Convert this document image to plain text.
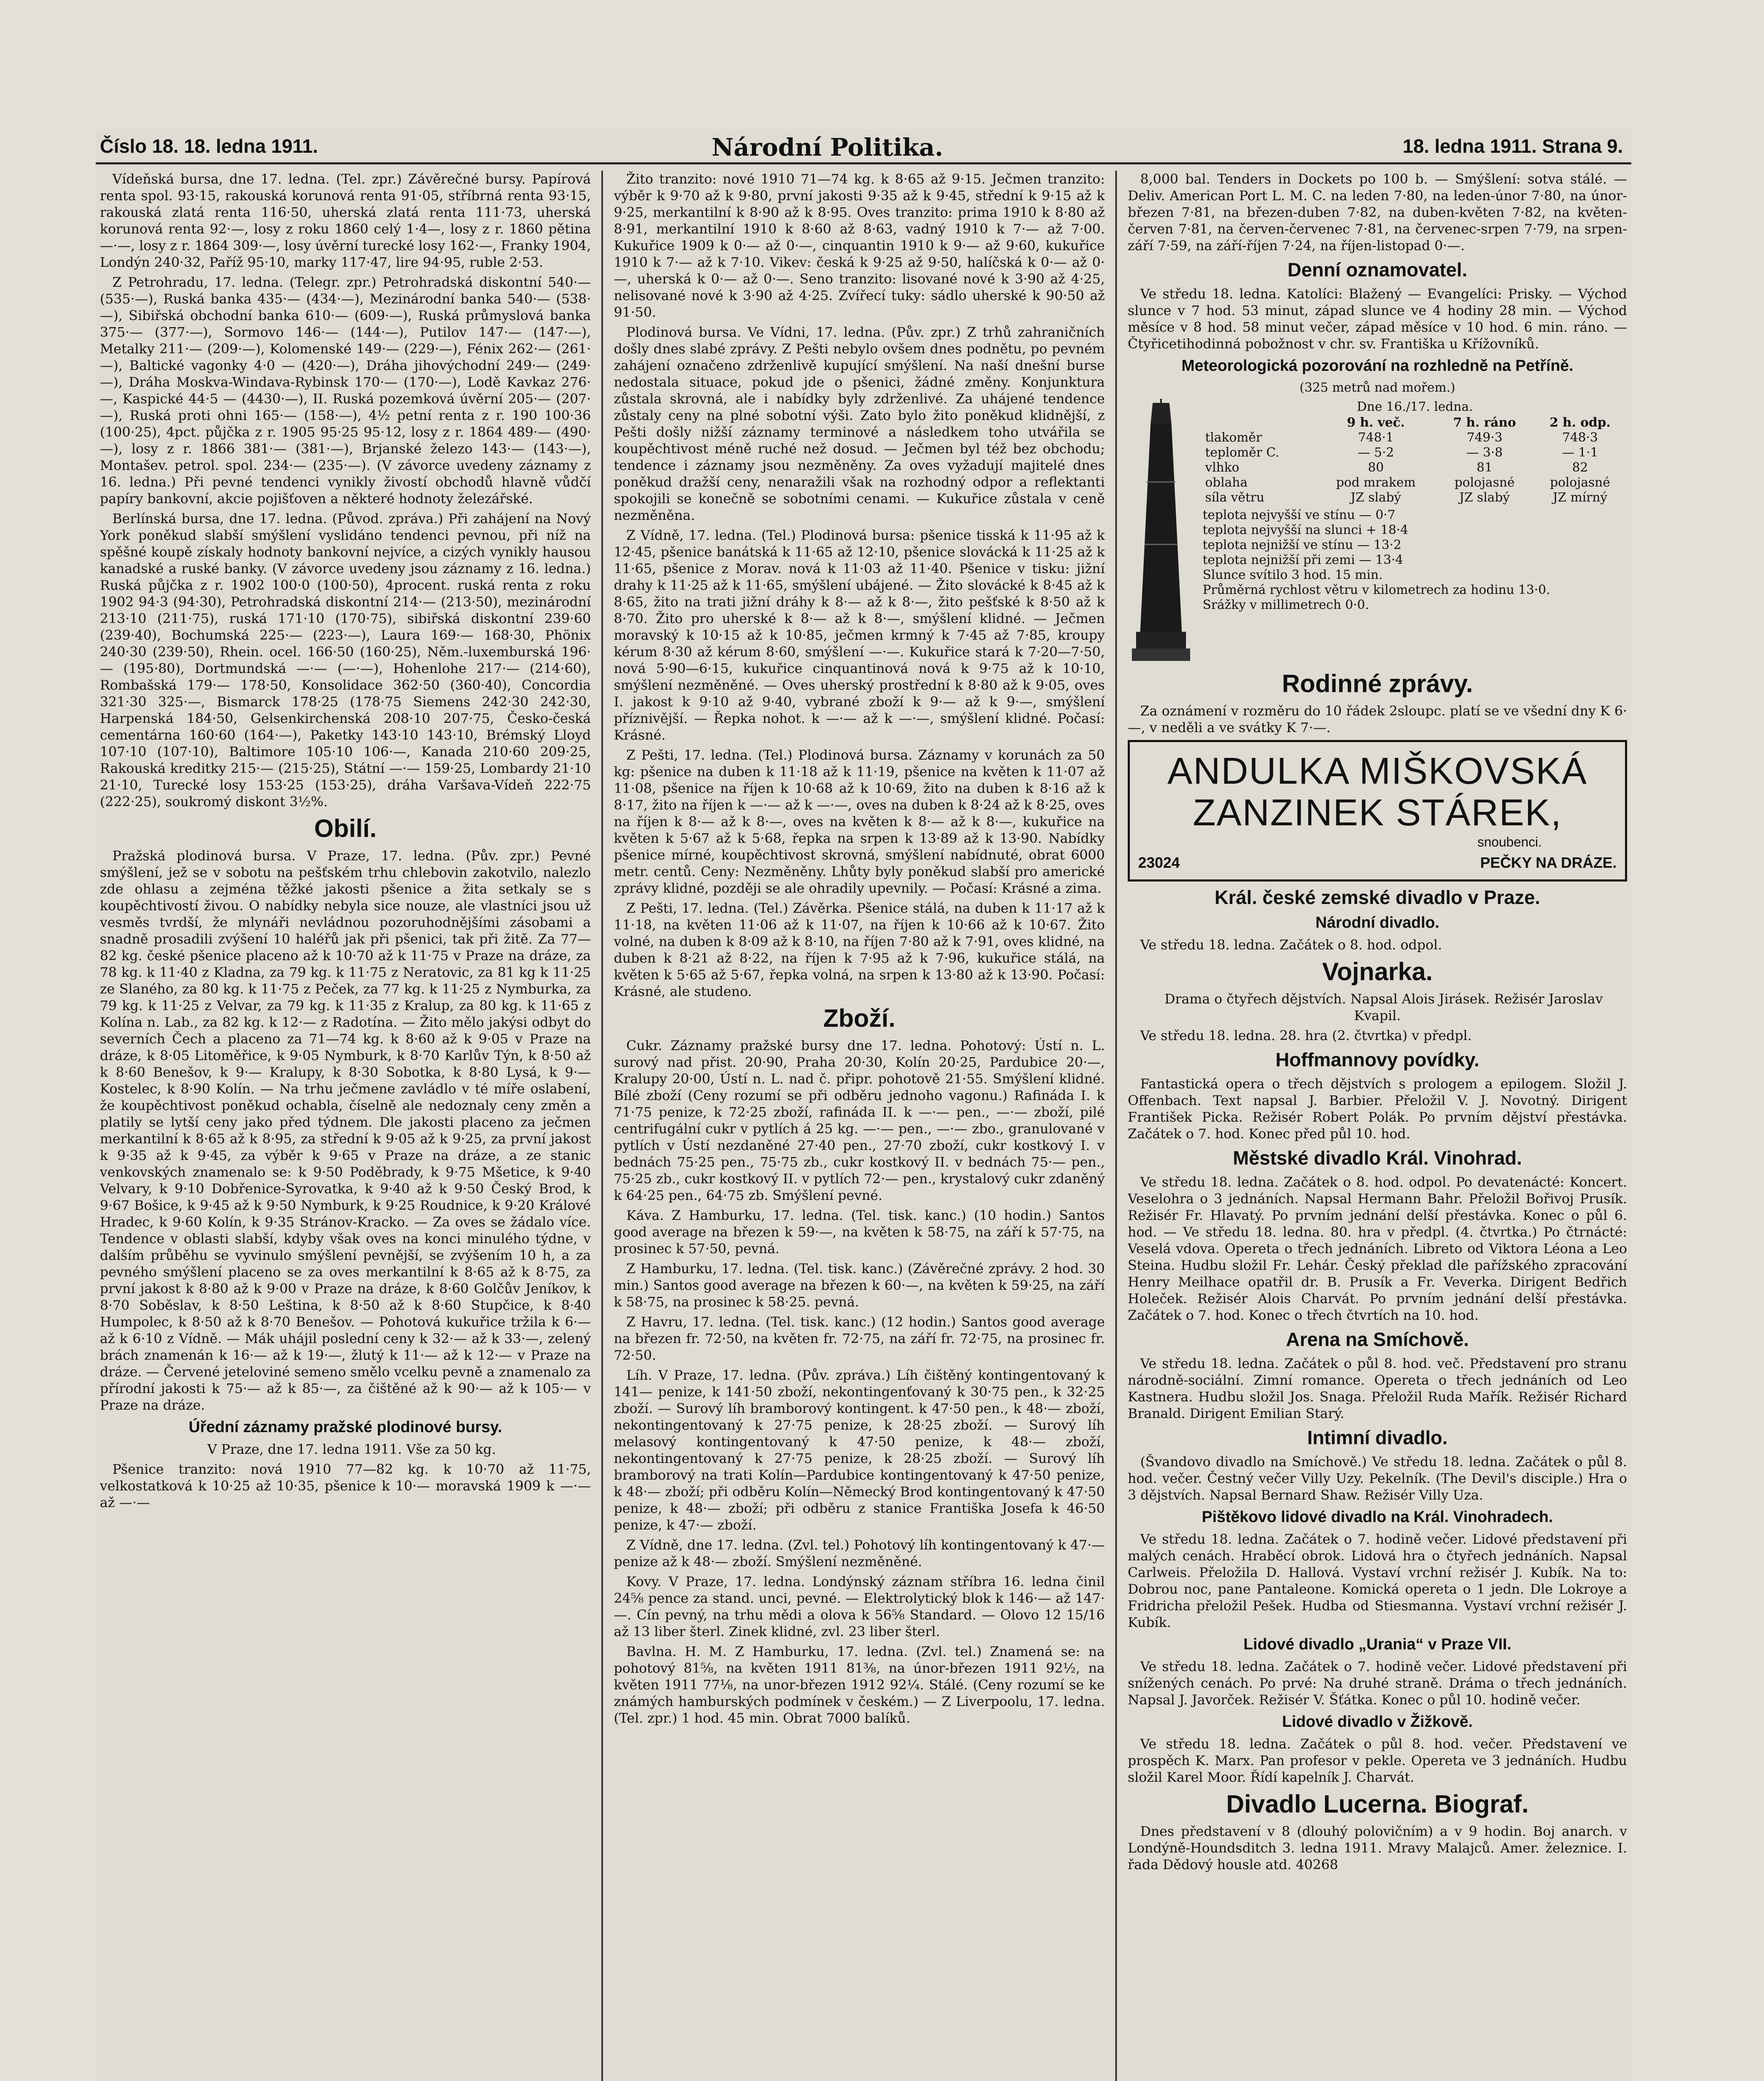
Číslo 18. 18. ledna 1911.	Národní Politika.	18. ledna 1911. Strana 9.

Vídeňská bursa, dne 17. ledna. (Tel. zpr.) Závěrečné bursy. Papírová renta spol. 93·15, rakouská korunová renta 91·05, stříbrná renta 93·15, rakouská zlatá renta 116·50, uherská zlatá renta 111·73, uherská korunová renta 92·—, losy z roku 1860 celý 1·4—, losy z r. 1860 pětina —·—, losy z r. 1864 309·—, losy úvěrní turecké losy 162·—, Franky 1904, Londýn 240·32, Paříž 95·10, marky 117·47, lire 94·95, ruble 2·53.

Z Petrohradu, 17. ledna. (Telegr. zpr.) Petrohradská diskontní 540·— (535·—), Ruská banka 435·— (434·—), Mezinárodní banka 540·— (538·—), Sibiřská obchodní banka 610·— (609·—), Ruská průmyslová banka 375·— (377·—), Sormovo 146·— (144·—), Putilov 147·— (147·—), Metalky 211·— (209·—), Kolomenské 149·— (229·—), Fénix 262·— (261·—), Baltické vagonky 4·0 — (420·—), Dráha jihovýchodní 249·— (249·—), Dráha Moskva-Windava-Rybinsk 170·— (170·—), Lodě Kavkaz 276·—, Kaspické 44·5 — (4430·—), II. Ruská pozemková úvěrní 205·— (207·—), Ruská proti ohni 165·— (158·—), 4½ petní renta z r. 190 100·36 (100·25), 4pct. půjčka z r. 1905 95·25 95·12, losy z r. 1864 489·— (490·—), losy z r. 1866 381·— (381·—), Brjanské železo 143·— (143·—), Montašev. petrol. spol. 234·— (235·—). (V závorce uvedeny záznamy z 16. ledna.) Při pevné tendenci vynikly živostí obchodů hlavně vůdčí papíry bankovní, akcie pojišťoven a některé hodnoty železářské.

Berlínská bursa, dne 17. ledna. (Původ. zpráva.) Při zahájení na Nový York poněkud slabší smýšlení vyslidáno tendenci pevnou, při níž na spěšné koupě získaly hodnoty bankovní nejvíce, a cizých vynikly hausou kanadské a ruské banky. (V závorce uvedeny jsou záznamy z 16. ledna.) Ruská půjčka z r. 1902 100·0 (100·50), 4procent. ruská renta z roku 1902 94·3 (94·30), Petrohradská diskontní 214·— (213·50), mezinárodní 213·10 (211·75), ruská 171·10 (170·75), sibiřská diskontní 239·60 (239·40), Bochumská 225·— (223·—), Laura 169·— 168·30, Phönix 240·30 (239·50), Rhein. ocel. 166·50 (160·25), Něm.-luxemburská 196·— (195·80), Dortmundská —·— (—·—), Hohenlohe 217·— (214·60), Rombašská 179·— 178·50, Konsolidace 362·50 (360·40), Concordia 321·30 325·—, Bismarck 178·25 (178·75 Siemens 242·30 242·30, Harpenská 184·50, Gelsenkirchenská 208·10 207·75, Česko-česká cementárna 160·60 (164·—), Paketky 143·10 143·10, Brémský Lloyd 107·10 (107·10), Baltimore 105·10 106·—, Kanada 210·60 209·25, Rakouská kreditky 215·— (215·25), Státní —·— 159·25, Lombardy 21·10 21·10, Turecké losy 153·25 (153·25), dráha Varšava-Vídeň 222·75 (222·25), soukromý diskont 3½%.

Obilí.

Pražská plodinová bursa. V Praze, 17. ledna. (Pův. zpr.) Pevné smýšlení, jež se v sobotu na pešťském trhu chlebovin zakotvilo, nalezlo zde ohlasu a zejména těžké jakosti pšenice a žita setkaly se s koupěchtivostí živou. O nabídky nebyla sice nouze, ale vlastníci jsou už vesměs tvrdší, že mlynáři nevládnou pozoruhodnějšími zásobami a snadně prosadili zvýšení 10 haléřů jak při pšenici, tak při žitě. Za 77—82 kg. české pšenice placeno až k 10·70 až k 11·75 v Praze na dráze, za 78 kg. k 11·40 z Kladna, za 79 kg. k 11·75 z Neratovic, za 81 kg k 11·25 ze Slaného, za 80 kg. k 11·75 z Peček, za 77 kg. k 11·25 z Nymburka, za 79 kg. k 11·25 z Velvar, za 79 kg. k 11·35 z Kralup, za 80 kg. k 11·65 z Kolína n. Lab., za 82 kg. k 12·— z Radotína. — Žito mělo jakýsi odbyt do severních Čech a placeno za 71—74 kg. k 8·60 až k 9·05 v Praze na dráze, k 8·05 Litoměřice, k 9·05 Nymburk, k 8·70 Karlův Týn, k 8·50 až k 8·60 Benešov, k 9·— Kralupy, k 8·30 Sobotka, k 8·80 Lysá, k 9·— Kostelec, k 8·90 Kolín. — Na trhu ječmene zavládlo v té míře oslabení, že koupěchtivost poněkud ochabla, číselně ale nedoznaly ceny změn a platily se lytší ceny jako před týdnem. Dle jakosti placeno za ječmen merkantilní k 8·65 až k 8·95, za střední k 9·05 až k 9·25, za první jakost k 9·35 až k 9·45, za výběr k 9·65 v Praze na dráze, a ze stanic venkovských znamenalo se: k 9·50 Poděbrady, k 9·75 Mšetice, k 9·40 Velvary, k 9·10 Dobřenice-Syrovatka, k 9·40 až k 9·50 Český Brod, k 9·67 Bošice, k 9·45 až k 9·50 Nymburk, k 9·25 Roudnice, k 9·20 Králové Hradec, k 9·60 Kolín, k 9·35 Stránov-Kracko. — Za oves se žádalo více. Tendence v oblasti slabší, kdyby však oves na konci minulého týdne, v dalším průběhu se vyvinulo smýšlení pevnější, se zvýšením 10 h, a za pevného smýšlení placeno se za oves merkantilní k 8·65 až k 8·75, za první jakost k 8·80 až k 9·00 v Praze na dráze, k 8·60 Golčův Jeníkov, k 8·70 Soběslav, k 8·50 Leština, k 8·50 až k 8·60 Stupčice, k 8·40 Humpolec, k 8·50 až k 8·70 Benešov. — Pohotová kukuřice tržila k 6·— až k 6·10 z Vídně. — Mák uhájil poslední ceny k 32·— až k 33·—, zelený brách znamenán k 16·— až k 19·—, žlutý k 11·— až k 12·— v Praze na dráze. — Červené jeteloviné semeno smělo vcelku pevně a znamenalo za přírodní jakosti k 75·— až k 85·—, za čištěné až k 90·— až k 105·— v Praze na dráze.

Úřední záznamy pražské plodinové bursy.

V Praze, dne 17. ledna 1911. Vše za 50 kg.

Pšenice tranzito: nová 1910 77—82 kg. k 10·70 až 11·75, velkostatková k 10·25 až 10·35, pšenice k 10·— moravská 1909 k —·— až —·—

Žito tranzito: nové 1910 71—74 kg. k 8·65 až 9·15. Ječmen tranzito: výběr k 9·70 až k 9·80, první jakosti 9·35 až k 9·45, střední k 9·15 až k 9·25, merkantilní k 8·90 až k 8·95. Oves tranzito: prima 1910 k 8·80 až 8·91, merkantilní 1910 k 8·60 až 8·63, vadný 1910 k 7·— až 7·00. Kukuřice 1909 k 0·— až 0·—, cinquantin 1910 k 9·— až 9·60, kukuřice 1910 k 7·— až k 7·10. Vikev: česká k 9·25 až 9·50, halíčská k 0·— až 0·—, uherská k 0·— až 0·—. Seno tranzito: lisované nové k 3·90 až 4·25, nelisované nové k 3·90 až 4·25. Zvířecí tuky: sádlo uherské k 90·50 až 91·50.

Plodinová bursa. Ve Vídni, 17. ledna. (Pův. zpr.) Z trhů zahraničních došly dnes slabé zprávy. Z Pešti nebylo ovšem dnes podnětu, po pevném zahájení označeno zdrženlivě kupující smýšlení. Na naší dnešní burse nedostala situace, pokud jde o pšenici, žádné změny. Konjunktura zůstala skrovná, ale i nabídky byly zdrženlivé. Za uhájené tendence zůstaly ceny na plné sobotní výši. Zato bylo žito poněkud klidnější, z Pešti došly nižší záznamy terminové a následkem toho utvářila se koupěchtivost méně ruché než dosud. — Ječmen byl též bez obchodu; tendence i záznamy jsou nezměněny. Za oves vyžadují majitelé dnes poněkud dražší ceny, nenaražili však na rozhodný odpor a reflektanti spokojili se konečně se sobotními cenami. — Kukuřice zůstala v ceně nezměněna.

Z Vídně, 17. ledna. (Tel.) Plodinová bursa: pšenice tisská k 11·95 až k 12·45, pšenice banátská k 11·65 až 12·10, pšenice slovácká k 11·25 až k 11·65, pšenice z Morav. nová k 11·03 až 11·40. Pšenice v tisku: jižní drahy k 11·25 až k 11·65, smýšlení ubájené. — Žito slovácké k 8·45 až k 8·65, žito na trati jižní dráhy k 8·— až k 8·—, žito pešťské k 8·50 až k 8·70. Žito pro uherské k 8·— až k 8·—, smýšlení klidné. — Ječmen moravský k 10·15 až k 10·85, ječmen krmný k 7·45 až 7·85, kroupy kérum 8·30 až kérum 8·60, smýšlení —·—. Kukuřice stará k 7·20—7·50, nová 5·90—6·15, kukuřice cinquantinová nová k 9·75 až k 10·10, smýšlení nezměněné. — Oves uherský prostřední k 8·80 až k 9·05, oves I. jakost k 9·10 až 9·40, vybrané zboží k 9·— až k 9·—, smýšlení příznivější. — Řepka nohot. k —·— až k —·—, smýšlení klidné. Počasí: Krásné.

Z Pešti, 17. ledna. (Tel.) Plodinová bursa. Záznamy v korunách za 50 kg: pšenice na duben k 11·18 až k 11·19, pšenice na květen k 11·07 až 11·08, pšenice na říjen k 10·68 až k 10·69, žito na duben k 8·16 až k 8·17, žito na říjen k —·— až k —·—, oves na duben k 8·24 až k 8·25, oves na říjen k 8·— až k 8·—, oves na květen k 8·— až k 8·—, kukuřice na květen k 5·67 až k 5·68, řepka na srpen k 13·89 až k 13·90. Nabídky pšenice mírné, koupěchtivost skrovná, smýšlení nabídnuté, obrat 6000 metr. centů. Ceny: Nezměněny. Lhůty byly poněkud slabší pro americké zprávy klidné, později se ale ohradily upevnily. — Počasí: Krásné a zima.

Z Pešti, 17. ledna. (Tel.) Závěrka. Pšenice stálá, na duben k 11·17 až k 11·18, na květen 11·06 až k 11·07, na říjen k 10·66 až k 10·67. Žito volné, na duben k 8·09 až k 8·10, na říjen 7·80 až k 7·91, oves klidné, na duben k 8·21 až 8·22, na říjen k 7·95 až k 7·96, kukuřice stálá, na květen k 5·65 až 5·67, řepka volná, na srpen k 13·80 až k 13·90. Počasí: Krásné, ale studeno.

Zboží.

Cukr. Záznamy pražské bursy dne 17. ledna. Pohotový: Ústí n. L. surový nad přist. 20·90, Praha 20·30, Kolín 20·25, Pardubice 20·—, Kralupy 20·00, Ústí n. L. nad č. připr. pohotově 21·55. Smýšlení klidné. Bílé zboží (Ceny rozumí se při odběru jednoho vagonu.) Rafináda I. k 71·75 penize, k 72·25 zboží, rafináda II. k —·— pen., —·— zboží, pilé centrifugální cukr v pytlích á 25 kg. —·— pen., —·— zbo., granulované v pytlích v Ústí nezdaněné 27·40 pen., 27·70 zboží, cukr kostkový I. v bednách 75·25 pen., 75·75 zb., cukr kostkový II. v bednách 75·— pen., 75·25 zb., cukr kostkový II. v pytlích 72·— pen., krystalový cukr zdaněný k 64·25 pen., 64·75 zb. Smýšlení pevné.

Káva. Z Hamburku, 17. ledna. (Tel. tisk. kanc.) (10 hodin.) Santos good average na březen k 59·—, na květen k 58·75, na září k 57·75, na prosinec k 57·50, pevná.

Z Hamburku, 17. ledna. (Tel. tisk. kanc.) (Závěrečné zprávy. 2 hod. 30 min.) Santos good average na březen k 60·—, na květen k 59·25, na září k 58·75, na prosinec k 58·25. pevná.

Z Havru, 17. ledna. (Tel. tisk. kanc.) (12 hodin.) Santos good average na březen fr. 72·50, na květen fr. 72·75, na září fr. 72·75, na prosinec fr. 72·50.

Líh. V Praze, 17. ledna. (Pův. zpráva.) Líh čištěný kontingentovaný k 141— penize, k 141·50 zboží, nekontingenťovaný k 30·75 pen., k 32·25 zboží. — Surový líh bramborový kontingent. k 47·50 pen., k 48·— zboží, nekontingentovaný k 27·75 penize, k 28·25 zboží. — Surový líh melasový kontingentovaný k 47·50 penize, k 48·— zboží, nekontingentovaný k 27·75 penize, k 28·25 zboží. — Surový líh bramborový na trati Kolín—Pardubice kontingentovaný k 47·50 penize, k 48·— zboží; při odběru Kolín—Německý Brod kontingentovaný k 47·50 penize, k 48·— zboží; při odběru z stanice Františka Josefa k 46·50 penize, k 47·— zboží.

Z Vídně, dne 17. ledna. (Zvl. tel.) Pohotový líh kontingentovaný k 47·— penize až k 48·— zboží. Smýšlení nezměněné.

Kovy. V Praze, 17. ledna. Londýnský záznam stříbra 16. ledna činil 24⅝ pence za stand. unci, pevné. — Elektrolytický blok k 146·— až 147·—. Cín pevný, na trhu mědi a olova k 56⅝ Standard. — Olovo 12 15/16 až 13 liber šterl. Zinek klidné, zvl. 23 liber šterl.

Bavlna. H. M. Z Hamburku, 17. ledna. (Zvl. tel.) Znamená se: na pohotový 81⅝, na květen 1911 81⅜, na únor-březen 1911 92½, na květen 1911 77⅛, na unor-březen 1912 92¼. Stálé. (Ceny rozumí se ke známých hamburských podmínek v českém.) — Z Liverpoolu, 17. ledna. (Tel. zpr.) 1 hod. 45 min. Obrat 7000 balíků.

8,000 bal. Tenders in Dockets po 100 b. — Smýšlení: sotva stálé. — Deliv. American Port L. M. C. na leden 7·80, na leden-únor 7·80, na únor-březen 7·81, na březen-duben 7·82, na duben-květen 7·82, na květen-červen 7·81, na červen-červenec 7·81, na červenec-srpen 7·79, na srpen-září 7·59, na září-říjen 7·24, na říjen-listopad 0·—.

Denní oznamovatel.

Ve středu 18. ledna. Katolíci: Blažený — Evangelíci: Prisky. — Východ slunce v 7 hod. 53 minut, západ slunce ve 4 hodiny 28 min. — Východ měsíce v 8 hod. 58 minut večer, západ měsíce v 10 hod. 6 min. ráno. — Čtyřicetihodinná pobožnost v chr. sv. Františka u Křížovníků.

Meteorologická pozorování na rozhledně na Petříně.
(325 metrů nad mořem.)
Dne 16./17. ledna.
	9 h. več.	7 h. ráno	2 h. odp.
tlakoměr	748·1	749·3	748·3
teploměr C.	— 5·2	— 3·8	— 1·1
vlhko	80	81	82
oblaha	pod mrakem	polojasné	polojasné
síla větru	JZ slabý	JZ slabý	JZ mírný
teplota nejvyšší ve stínu — 0·7
teplota nejvyšší na slunci + 18·4
teplota nejnižší ve stínu — 13·2
teplota nejnižší při zemi — 13·4
Slunce svítilo 3 hod. 15 min.
Průměrná rychlost větru v kilometrech za hodinu 13·0.
Srážky v millimetrech 0·0.
Rodinné zprávy.

Za oznámení v rozměru do 10 řádek 2sloupc. platí se ve všední dny K 6·—, v neděli a ve svátky K 7·—.

ANDULKA MIŠKOVSKÁ
ZANZINEK STÁREK,
snoubenci.
23024	PEČKY NA DRÁZE.
Král. české zemské divadlo v Praze.
Národní divadlo.

Ve středu 18. ledna. Začátek o 8. hod. odpol.

Vojnarka.

Drama o čtyřech dějstvích. Napsal Alois Jirásek. Režisér Jaroslav Kvapil.

Ve středu 18. ledna. 28. hra (2. čtvrtka) v předpl.

Hoffmannovy povídky.

Fantastická opera o třech dějstvích s prologem a epilogem. Složil J. Offenbach. Text napsal J. Barbier. Přeložil V. J. Novotný. Dirigent František Picka. Režisér Robert Polák. Po prvním dějství přestávka. Začátek o 7. hod. Konec před půl 10. hod.

Městské divadlo Král. Vinohrad.

Ve středu 18. ledna. Začátek o 8. hod. odpol. Po devatenácté: Koncert. Veselohra o 3 jednáních. Napsal Hermann Bahr. Přeložil Bořivoj Prusík. Režisér Fr. Hlavatý. Po prvním jednání delší přestávka. Konec o půl 6. hod. — Ve středu 18. ledna. 80. hra v předpl. (4. čtvrtka.) Po čtrnácté: Veselá vdova. Opereta o třech jednáních. Libreto od Viktora Léona a Leo Steina. Hudbu složil Fr. Lehár. Český překlad dle pařížského zpracování Henry Meilhace opatřil dr. B. Prusík a Fr. Veverka. Dirigent Bedřich Holeček. Režisér Alois Charvát. Po prvním jednání delší přestávka. Začátek o 7. hod. Konec o třech čtvrtích na 10. hod.

Arena na Smíchově.

Ve středu 18. ledna. Začátek o půl 8. hod. več. Představení pro stranu národně-sociální. Zimní romance. Opereta o třech jednáních od Leo Kastnera. Hudbu složil Jos. Snaga. Přeložil Ruda Mařík. Režisér Richard Branald. Dirigent Emilian Starý.

Intimní divadlo.

(Švandovo divadlo na Smíchově.) Ve středu 18. ledna. Začátek o půl 8. hod. večer. Čestný večer Villy Uzy. Pekelník. (The Devil's disciple.) Hra o 3 dějstvích. Napsal Bernard Shaw. Režisér Villy Uza.

Pištěkovo lidové divadlo na Král. Vinohradech.

Ve středu 18. ledna. Začátek o 7. hodině večer. Lidové představení při malých cenách. Hraběcí obrok. Lidová hra o čtyřech jednáních. Napsal Carlweis. Přeložila D. Hallová. Vystaví vrchní režisér J. Kubík. Na to: Dobrou noc, pane Pantaleone. Komická opereta o 1 jedn. Dle Lokroye a Fridricha přeložil Pešek. Hudba od Stiesmanna. Vystaví vrchní režisér J. Kubík.

Lidové divadlo „Urania“ v Praze VII.

Ve středu 18. ledna. Začátek o 7. hodině večer. Lidové představení při snížených cenách. Po prvé: Na druhé straně. Dráma o třech jednáních. Napsal J. Javorček. Režisér V. Šťátka. Konec o půl 10. hodině večer.

Lidové divadlo v Žižkově.

Ve středu 18. ledna. Začátek o půl 8. hod. večer. Představení ve prospěch K. Marx. Pan profesor v pekle. Opereta ve 3 jednáních. Hudbu složil Karel Moor. Řídí kapelník J. Charvát.

Divadlo Lucerna. Biograf.

Dnes představení v 8 (dlouhý polovičním) a v 9 hodin. Boj anarch. v Londýně-Houndsditch 3. ledna 1911. Mravy Malajců. Amer. železnice. I. řada Dědový housle atd. 40268
